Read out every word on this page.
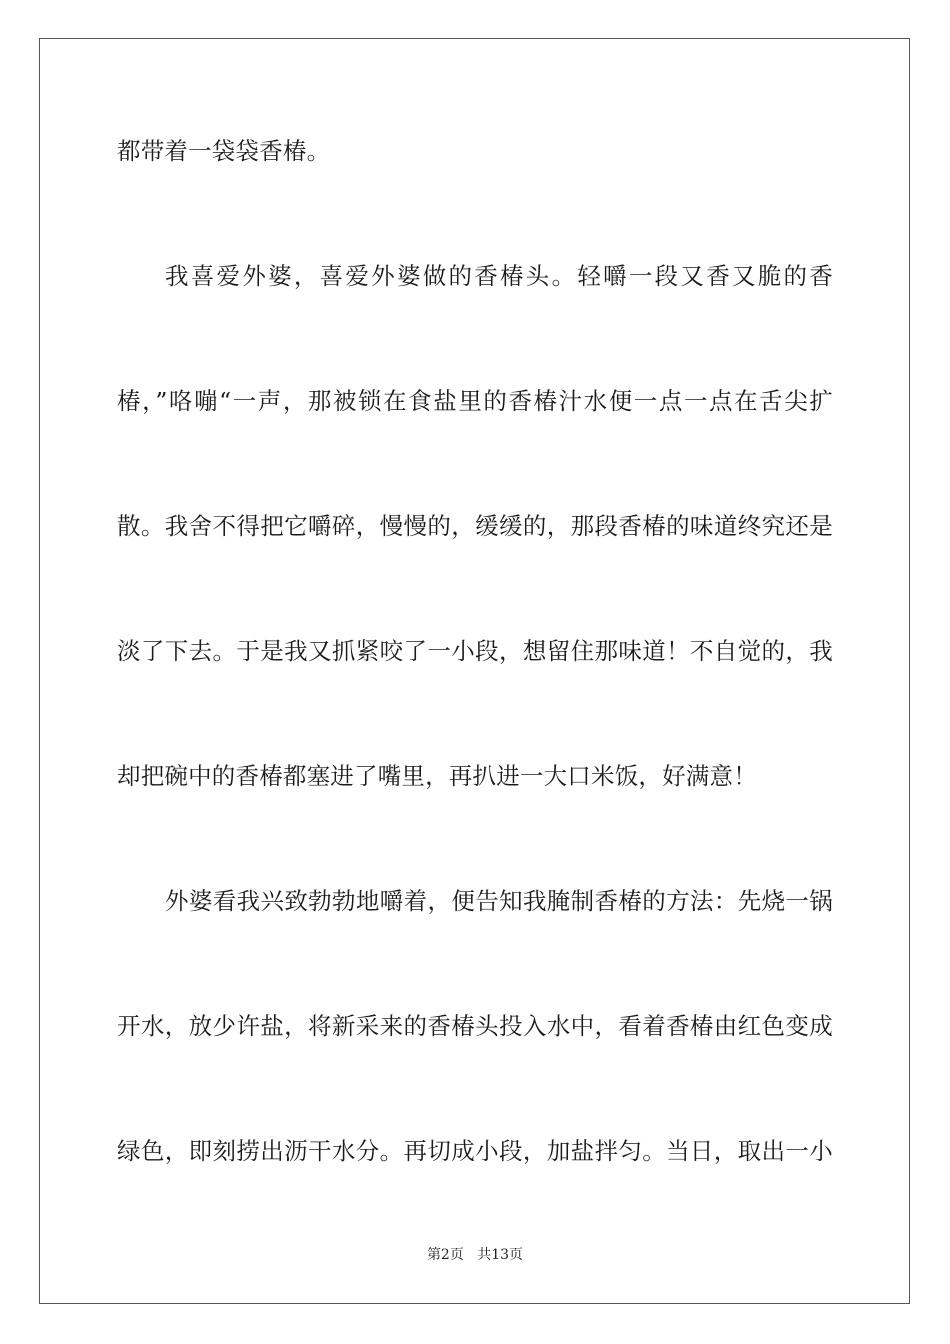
都带着一袋袋香椿。
我喜爱外婆，喜爱外婆做的香椿头。轻嚼一段又香又脆的香
椿，”咯嘣“一声，那被锁在食盐里的香椿汁水便一点一点在舌尖扩
散。我舍不得把它嚼碎，慢慢的，缓缓的，那段香椿的味道终究还是
淡了下去。于是我又抓紧咬了一小段，想留住那味道！不自觉的，我
却把碗中的香椿都塞进了嘴里，再扒进一大口米饭，好满意！
外婆看我兴致勃勃地嚼着，便告知我腌制香椿的方法：先烧一锅
开水，放少许盐，将新采来的香椿头投入水中，看着香椿由红色变成
绿色，即刻捞出沥干水分。再切成小段，加盐拌匀。当日，取出一小
第2页 共13页
